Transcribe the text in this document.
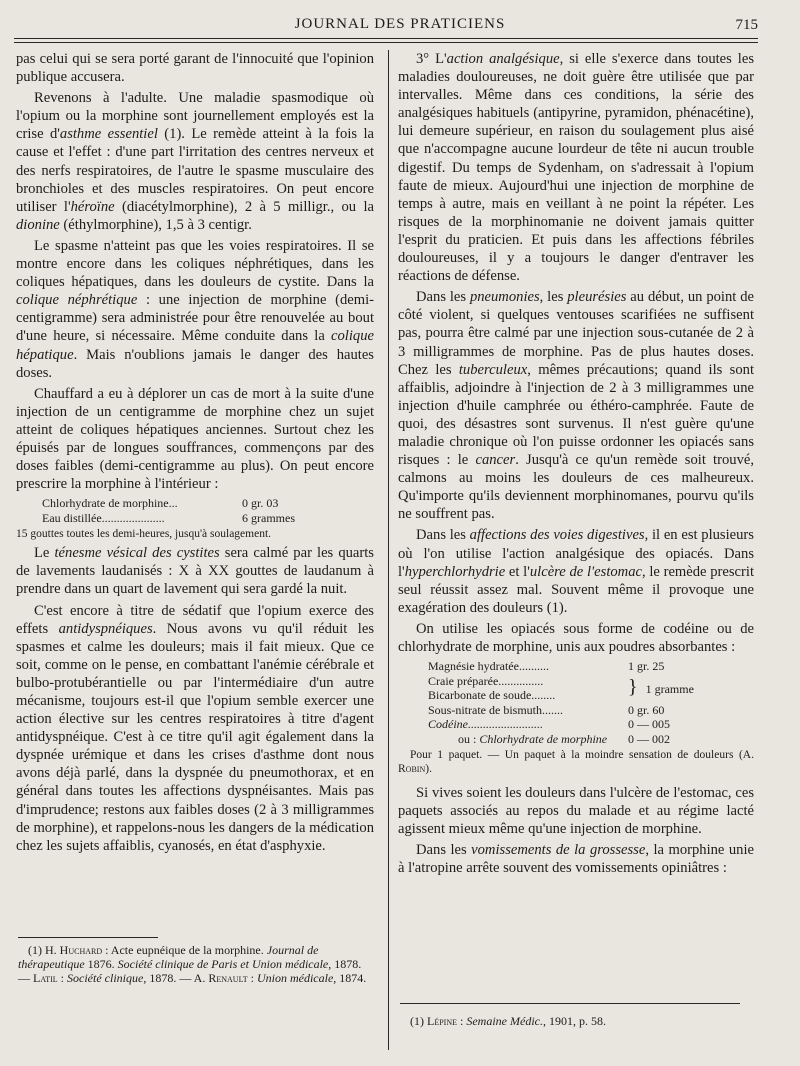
JOURNAL DES PRATICIENS	715

pas celui qui se sera porté garant de l'innocuité que l'opinion publique accusera.

Revenons à l'adulte. Une maladie spasmodique où l'opium ou la morphine sont journellement employés est la crise d'asthme essentiel (1). Le remède atteint à la fois la cause et l'effet : d'une part l'irritation des centres nerveux et des nerfs respiratoires, de l'autre le spasme musculaire des bronchioles et des muscles respiratoires. On peut encore utiliser l'héroïne (diacétylmorphine), 2 à 5 milligr., ou la dionine (éthylmorphine), 1,5 à 3 centigr.

Le spasme n'atteint pas que les voies respiratoires. Il se montre encore dans les coliques néphrétiques, dans les coliques hépatiques, dans les douleurs de cystite. Dans la colique néphrétique : une injection de morphine (demi-centigramme) sera administrée pour être renouvelée au bout d'une heure, si nécessaire. Même conduite dans la colique hépatique. Mais n'oublions jamais le danger des hautes doses.

Chauffard a eu à déplorer un cas de mort à la suite d'une injection de un centigramme de morphine chez un sujet atteint de coliques hépatiques anciennes. Surtout chez les épuisés par de longues souffrances, commençons par des doses faibles (demi-centigramme au plus). On peut encore prescrire la morphine à l'intérieur :

Chlorhydrate de morphine...	0 gr. 03
Eau distillée.....................	6 grammes

15 gouttes toutes les demi-heures, jusqu'à soulagement.

Le ténesme vésical des cystites sera calmé par les quarts de lavements laudanisés : X à XX gouttes de laudanum à prendre dans un quart de lavement qui sera gardé la nuit.

C'est encore à titre de sédatif que l'opium exerce des effets antidyspnéiques. Nous avons vu qu'il réduit les spasmes et calme les douleurs; mais il fait mieux. Que ce soit, comme on le pense, en combattant l'anémie cérébrale et bulbo-protubérantielle ou par l'intermédiaire d'un autre mécanisme, toujours est-il que l'opium semble exercer une action élective sur les centres respiratoires à titre d'agent antidyspnéique. C'est à ce titre qu'il agit également dans la dyspnée urémique et dans les crises d'asthme dont nous avons déjà parlé, dans la dyspnée du pneumothorax, et en général dans toutes les affections dyspnéisantes. Mais pas d'imprudence; restons aux faibles doses (2 à 3 milligrammes de morphine), et rappelons-nous les dangers de la médication chez les sujets affaiblis, cyanosés, en état d'asphyxie.

(1) H. Huchard : Acte eupnéique de la morphine. Journal de thérapeutique 1876. Société clinique de Paris et Union médicale, 1878. — Latil : Société clinique, 1878. — A. Renault : Union médicale, 1874.

3° L'action analgésique, si elle s'exerce dans toutes les maladies douloureuses, ne doit guère être utilisée que par intervalles. Même dans ces conditions, la série des analgésiques habituels (antipyrine, pyramidon, phénacétine), lui demeure supérieur, en raison du soulagement plus aisé que n'accompagne aucune lourdeur de tête ni aucun trouble digestif. Du temps de Sydenham, on s'adressait à l'opium faute de mieux. Aujourd'hui une injection de morphine de temps à autre, mais en veillant à ne point la répéter. Les risques de la morphinomanie ne doivent jamais quitter l'esprit du praticien. Et puis dans les affections fébriles douloureuses, il y a toujours le danger d'entraver les réactions de défense.

Dans les pneumonies, les pleurésies au début, un point de côté violent, si quelques ventouses scarifiées ne suffisent pas, pourra être calmé par une injection sous-cutanée de 2 à 3 milligrammes de morphine. Pas de plus hautes doses. Chez les tuberculeux, mêmes précautions; quand ils sont affaiblis, adjoindre à l'injection de 2 à 3 milligrammes une injection d'huile camphrée ou éthéro-camphrée. Faute de quoi, des désastres sont survenus. Il n'est guère qu'une maladie chronique où l'on puisse ordonner les opiacés sans risques : le cancer. Jusqu'à ce qu'un remède soit trouvé, calmons au moins les douleurs de ces malheureux. Qu'importe qu'ils deviennent morphinomanes, pourvu qu'ils ne souffrent pas.

Dans les affections des voies digestives, il en est plusieurs où l'on utilise l'action analgésique des opiacés. Dans l'hyperchlorhydrie et l'ulcère de l'estomac, le remède prescrit seul réussit assez mal. Souvent même il provoque une exagération des douleurs (1).

On utilise les opiacés sous forme de codéine ou de chlorhydrate de morphine, unis aux poudres absorbantes :

Magnésie hydratée..........	1 gr. 25
Craie préparée...............	} 1 gramme
Bicarbonate de soude........	
Sous-nitrate de bismuth.......	0 gr. 60
Codéine.........................	0 — 005
ou : Chlorhydrate de morphine	0 — 002

Pour 1 paquet. — Un paquet à la moindre sensation de douleurs (A. Robin).

Si vives soient les douleurs dans l'ulcère de l'estomac, ces paquets associés au repos du malade et au régime lacté agissent mieux même qu'une injection de morphine.

Dans les vomissements de la grossesse, la morphine unie à l'atropine arrête souvent des vomissements opiniâtres :

(1) Lépine : Semaine Médic., 1901, p. 58.
